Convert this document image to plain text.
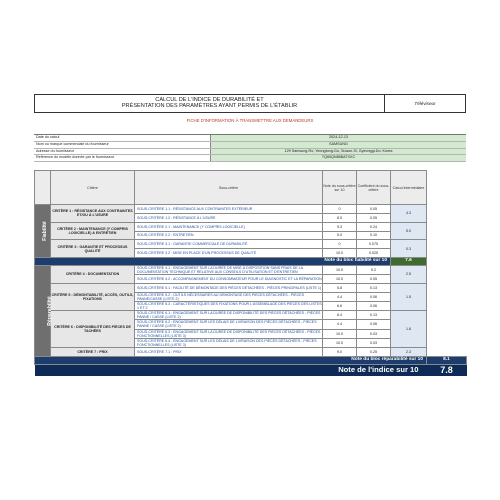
CALCUL DE L'INDICE DE DURABILITÉ ET
PRÉSENTATION DES PARAMÈTRES AYANT PERMIS DE L'ÉTABLIR	Téléviseur
FICHE D'INFORMATION À TRANSMETTRE AUX DEMANDEURS
Date du calcul	2024-12-13
Nom ou marque commerciale du fournisseur	SAMSUNG
Adresse du fournisseur	129 Samsung-Ro, Yeongtong-Gu, Suwon-Si, Gyeonggi-Do, Korea
Référence du modèle donnée par le fournisseur	TQ65QN85BATXXC
	Critère	Sous-critère	Note du sous-critère sur 10	Coefficient du sous-critère	Calcul intermédiaire	
Fiabilité	CRITÈRE 1 : RÉSISTANCE AUX CONTRAINTES ET/OU À L'USURE	SOUS-CRITÈRE 1.1 : RÉSISTANCE AUX CONTRAINTES EXTÉRIEUR	0	0.05	4.3	
		SOUS-CRITÈRE 1.2 : RÉSISTANCE À L'USURE	8.5	0.05		
	CRITÈRE 2 : MAINTENANCE (Y COMPRIS LOGICIELLE) & ENTRETIEN	SOUS-CRITÈRE 2.1 : MAINTENANCE (Y COMPRIS LOGICIELLE)	9.3	0.24	5.0	
		SOUS-CRITÈRE 2.2 : ENTRETIEN	5.0	0.10		
	CRITÈRE 3 : GARANTIE ET PROCESSUS QUALITÉ	SOUS-CRITÈRE 3.1 : GARANTIE COMMERCIALE DE DURABILITÉ	0	0.075	0.3	
		SOUS-CRITÈRE 3.2 : MISE EN PLACE D'UN PROCESSUS DE QUALITÉ	10.0	0.025		
Note du bloc fiabilité sur 10					7.6	
Réparabilité	CRITÈRE 4 : DOCUMENTATION	SOUS-CRITÈRE 4.1 : ENGAGEMENT SUR LA DURÉE DE MISE À DISPOSITION SANS FRAIS DE LA DOCUMENTATION TECHNIQUE ET RELATIVE AUX CONSEILS D'UTILISATION ET D'ENTRETIEN	10.0	0.2	2.5	
		SOUS-CRITÈRE 4.2 : ACCOMPAGNEMENT DU CONSOMMATEUR POUR LE DIAGNOSTIC ET LA RÉPARATION	10.0	0.05		
	CRITÈRE 5 : DÉMONTABILITÉ, ACCÈS, OUTILS, FIXATIONS	SOUS-CRITÈRE 5.1 : FACILITÉ DE DÉMONTAGE DES PIÈCES DÉTACHÉES - PIÈCES PRINCIPALES (LISTE 1)	5.8	0.13	1.5	
		SOUS-CRITÈRE 5.2 : OUTILS NÉCESSAIRES AU DÉMONTAGE DES PIÈCES DÉTACHÉES - PIÈCES PANNE/CASSE (LISTE 2)	4.4	0.06		
		SOUS-CRITÈRE 5.3 : CARACTÉRISTIQUES DES FIXATIONS POUR L'ASSEMBLAGE DES PIÈCES DES LISTES 1 ET 2	6.6	0.06		
	CRITÈRE 6 : DISPONIBILITÉ DES PIÈCES DE TACHÉES	SOUS-CRITÈRE 6.1 : ENGAGEMENT SUR LA DURÉE DE DISPONIBILITÉ DES PIÈCES DÉTACHÉES - PIÈCES PANNE / CASSE (LISTE 2)	6.4	0.13	1.8	
		SOUS-CRITÈRE 6.2 : ENGAGEMENT SUR LES DÉLAIS DE LIVRAISON DES PIÈCES DÉTACHÉES - PIÈCES PANNE / CASSE (LISTE 2)	4.4	0.06		
		SOUS-CRITÈRE 6.3 : ENGAGEMENT SUR LA DURÉE DE DISPONIBILITÉ DES PIÈCES DÉTACHÉES - PIÈCES FONCTIONNELLES (LISTE 3)	10.0	0.03		
		SOUS-CRITÈRE 6.4 : ENGAGEMENT SUR LES DÉLAIS DE LIVRAISON DES PIÈCES DÉTACHÉES - PIÈCES FONCTIONNELLES (LISTE 3)	10.0	0.03		
	CRITÈRE 7 : PRIX	SOUS-CRITÈRE 7.1 : PRIX	9.0	0.25	2.3	
Note du bloc réparabilité sur 10						8.1
Note de l'indice sur 10						7.8
